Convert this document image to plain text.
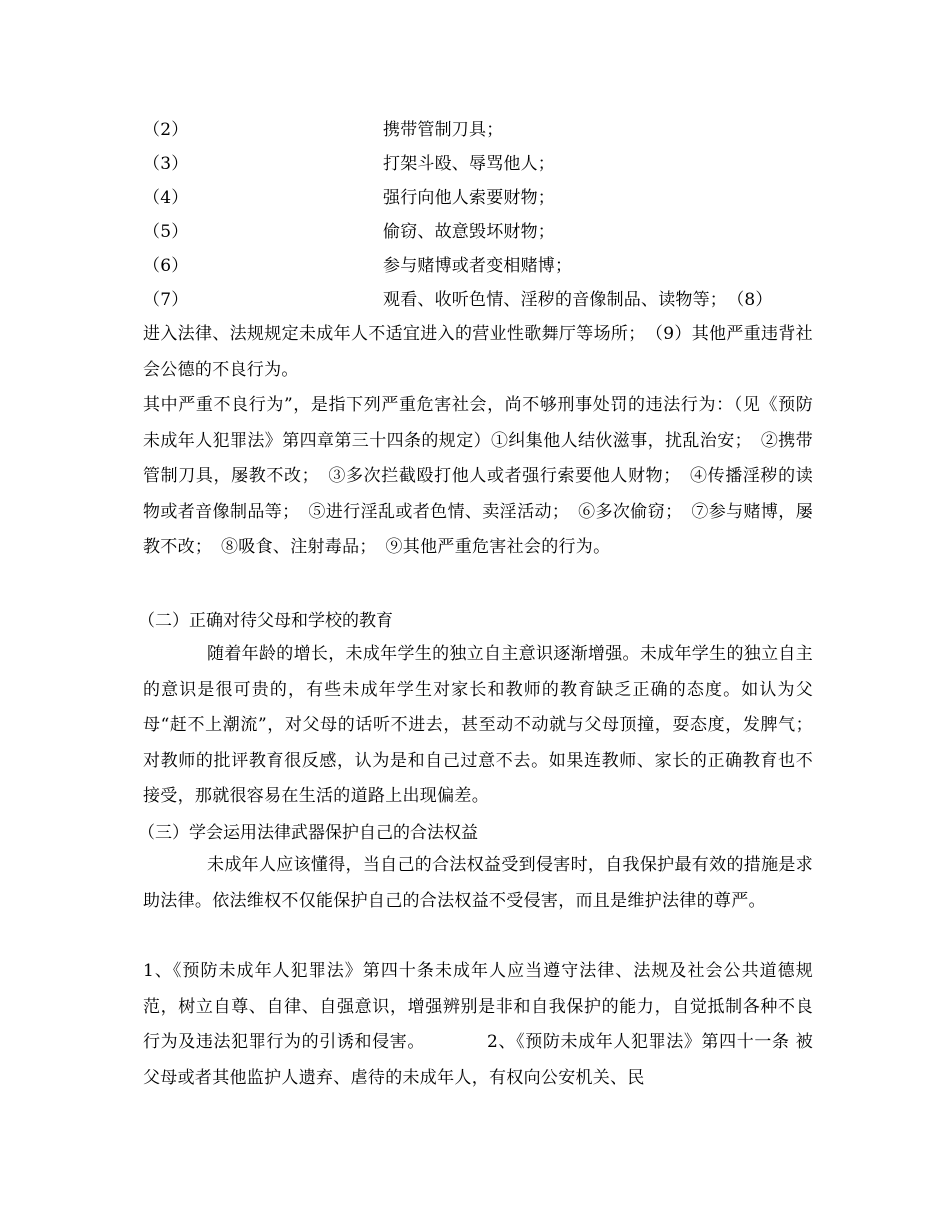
（2）	携带管制刀具；
（3）	打架斗殴、辱骂他人；
（4）	强行向他人索要财物；
（5）	偷窃、故意毁坏财物；
（6）	参与赌博或者变相赌博；
（7）	观看、收听色情、淫秽的音像制品、读物等；　（8）
进入法律、法规规定未成年人不适宜进入的营业性歌舞厅等场所；　（9）其他严重违背社会公德的不良行为。
其中严重不良行为”，是指下列严重危害社会，尚不够刑事处罚的违法行为：（见《预防未成年人犯罪法》第四章第三十四条的规定）①纠集他人结伙滋事，扰乱治安；　②携带管制刀具，屡教不改；　③多次拦截殴打他人或者强行索要他人财物；　④传播淫秽的读物或者音像制品等；　⑤进行淫乱或者色情、卖淫活动；　⑥多次偷窃；　⑦参与赌博，屡教不改；　⑧吸食、注射毒品；　⑨其他严重危害社会的行为。
（二）正确对待父母和学校的教育
随着年龄的增长，未成年学生的独立自主意识逐渐增强。未成年学生的独立自主的意识是很可贵的，有些未成年学生对家长和教师的教育缺乏正确的态度。如认为父母“赶不上潮流”，对父母的话听不进去，甚至动不动就与父母顶撞，耍态度，发脾气；对教师的批评教育很反感，认为是和自己过意不去。如果连教师、家长的正确教育也不接受，那就很容易在生活的道路上出现偏差。
（三）学会运用法律武器保护自己的合法权益
未成年人应该懂得，当自己的合法权益受到侵害时，自我保护最有效的措施是求助法律。依法维权不仅能保护自己的合法权益不受侵害，而且是维护法律的尊严。
1、《预防未成年人犯罪法》第四十条未成年人应当遵守法律、法规及社会公共道德规范，树立自尊、自律、自强意识，增强辨别是非和自我保护的能力，自觉抵制各种不良行为及违法犯罪行为的引诱和侵害。　　　　2、《预防未成年人犯罪法》第四十一条 被父母或者其他监护人遗弃、虐待的未成年人，有权向公安机关、民
